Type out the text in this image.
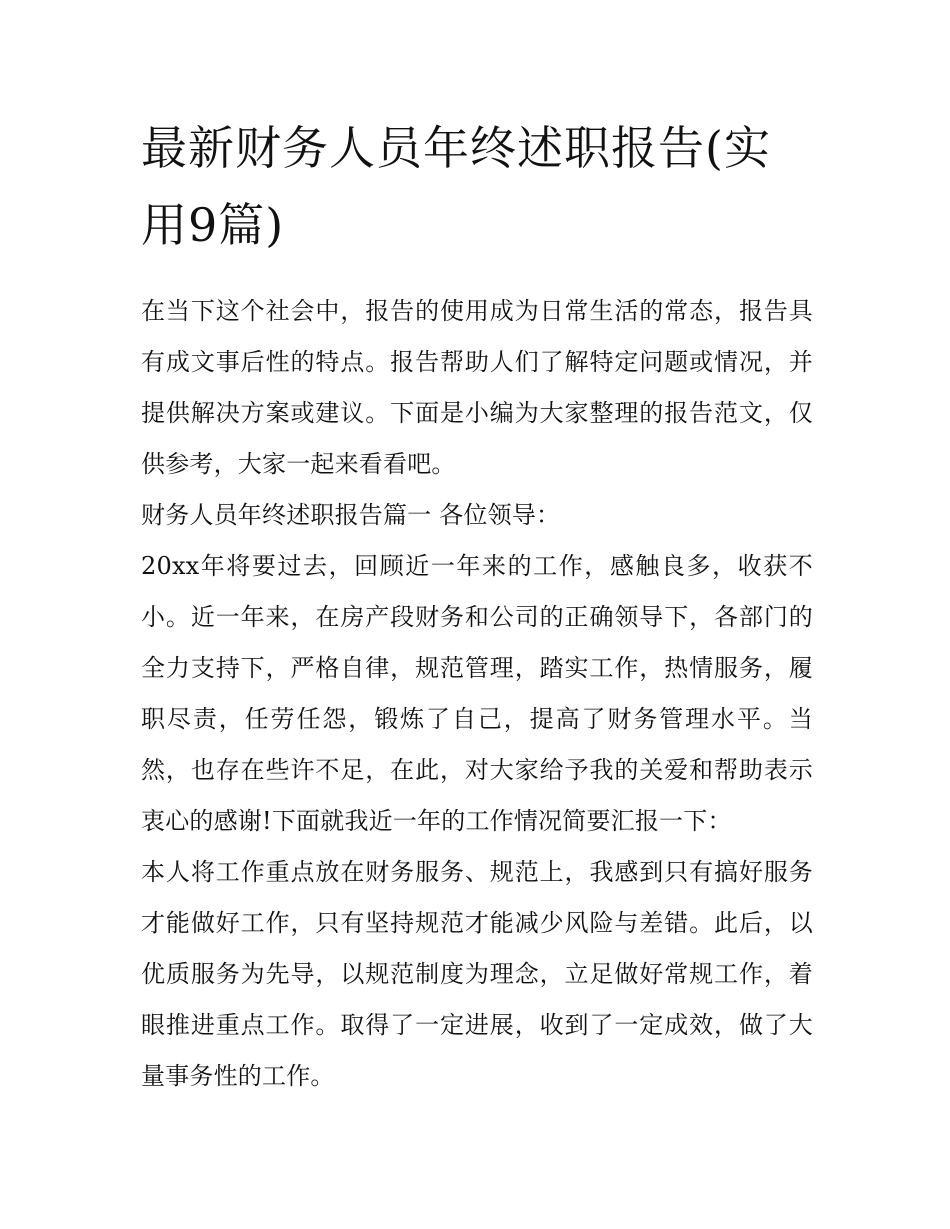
最新财务人员年终述职报告(实用9篇)

在当下这个社会中，报告的使用成为日常生活的常态，报告具有成文事后性的特点。报告帮助人们了解特定问题或情况，并提供解决方案或建议。下面是小编为大家整理的报告范文，仅供参考，大家一起来看看吧。

财务人员年终述职报告篇一 各位领导：

20xx年将要过去，回顾近一年来的工作，感触良多，收获不小。近一年来，在房产段财务和公司的正确领导下，各部门的全力支持下，严格自律，规范管理，踏实工作，热情服务，履职尽责，任劳任怨，锻炼了自己，提高了财务管理水平。当然，也存在些许不足，在此，对大家给予我的关爱和帮助表示衷心的感谢!下面就我近一年的工作情况简要汇报一下：

本人将工作重点放在财务服务、规范上，我感到只有搞好服务才能做好工作，只有坚持规范才能减少风险与差错。此后，以优质服务为先导，以规范制度为理念，立足做好常规工作，着眼推进重点工作。取得了一定进展，收到了一定成效，做了大量事务性的工作。
